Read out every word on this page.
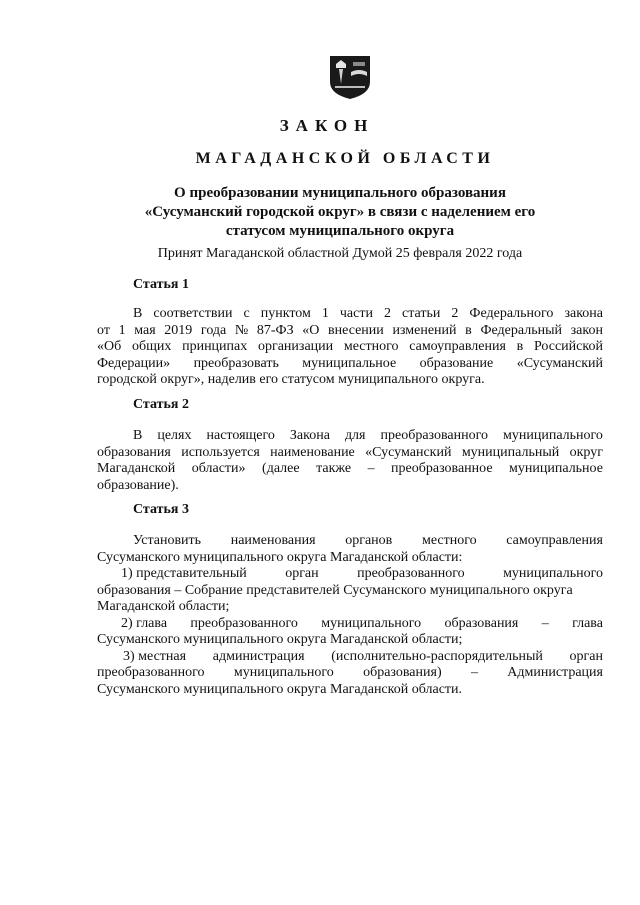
ЗАКОН
МАГАДАНСКОЙ ОБЛАСТИ
О преобразовании муниципального образования
«Сусуманский городской округ» в связи с наделением его
статусом муниципального округа
Принят Магаданской областной Думой 25 февраля 2022 года
Статья 1
В соответствии с пунктом 1 части 2 статьи 2 Федерального закона
от 1 мая 2019 года № 87-ФЗ «О внесении изменений в Федеральный закон
«Об общих принципах организации местного самоуправления в Российской
Федерации» преобразовать муниципальное образование «Сусуманский
городской округ», наделив его статусом муниципального округа.
Статья 2
В целях настоящего Закона для преобразованного муниципального
образования используется наименование «Сусуманский муниципальный округ
Магаданской области» (далее также – преобразованное муниципальное
образование).
Статья 3
Установить наименования органов местного самоуправления
Сусуманского муниципального округа Магаданской области:
1) представительный	орган	преобразованного	муниципального
образования – Собрание представителей Сусуманского муниципального округа
Магаданской области;
2) глава преобразованного муниципального образования – глава
Сусуманского муниципального округа Магаданской области;
3) местная администрация (исполнительно-распорядительный орган
преобразованного муниципального образования) – Администрация
Сусуманского муниципального округа Магаданской области.
